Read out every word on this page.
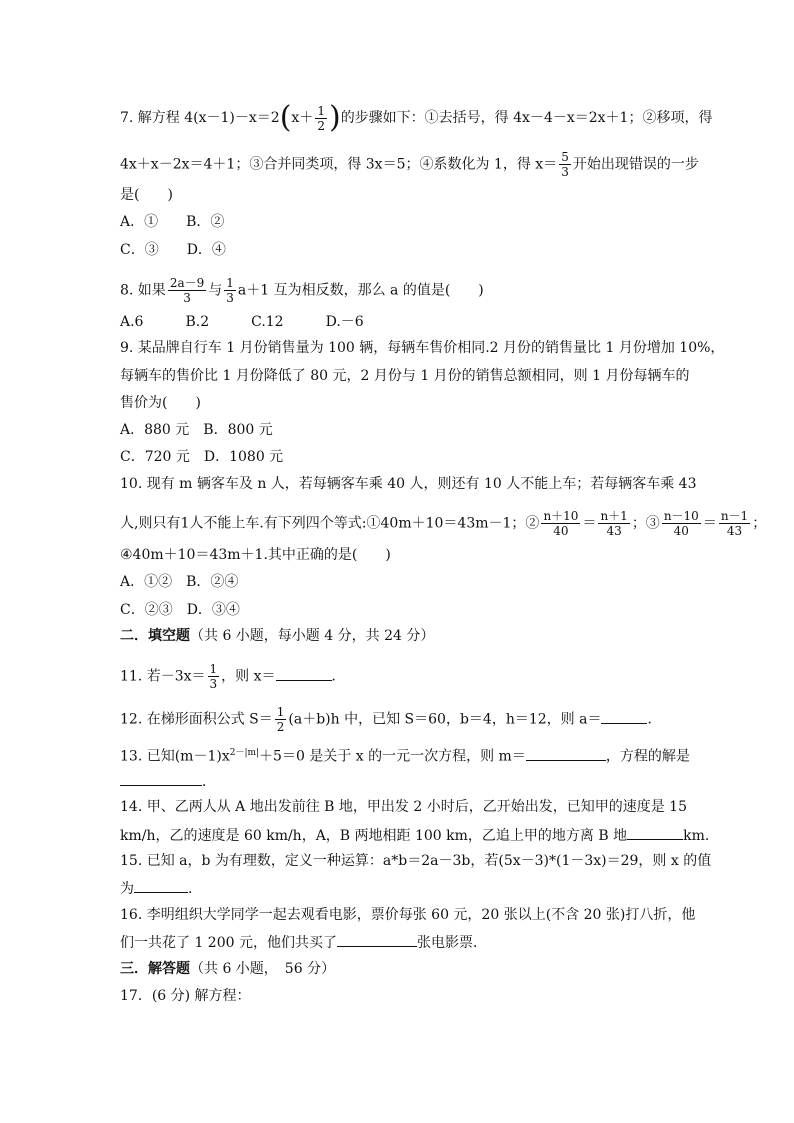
7. 解方程 $4(x-1)-x=2(x+ \frac{1}{2}$ )的步骤如下：①去括号，得 4x－4－x＝2x＋1；②移项，得
4x＋x－2x＝4＋1；③合并同类项，得 3x＝5；④系数化为 1，得 $x= \frac{5}{3}$ 开始出现错误的一步
是(　　)
A．①　　B．②
C．③　　D．④
8. 如果 $\frac{2a-9}{3}$ 与 $\frac{1}{3} a+1$ 互为相反数，那么 a 的值是(　　)
A.6　　　B.2　　　C.12　　　D.－6
9. 某品牌自行车 1 月份销售量为 100 辆，每辆车售价相同.2 月份的销售量比 1 月份增加 10%，
每辆车的售价比 1 月份降低了 80 元，2 月份与 1 月份的销售总额相同，则 1 月份每辆车的
售价为(　　)
A．880 元　B．800 元
C．720 元　D．1080 元
10. 现有 m 辆客车及 n 人，若每辆客车乘 40 人，则还有 10 人不能上车；若每辆客车乘 43
人,则只有1人不能上车.有下列四个等式:①40m＋10＝43m－1；② $\frac{n+10}{40} = \frac{n+1}{43}$ ；③ $\frac{n-10}{40} = \frac{n-1}{43}$ ；
④40m＋10＝43m＋1.其中正确的是(　　)
A．①②　B．②④
C．②③　D．③④
二．填空题（共 6 小题，每小题 4 分，共 24 分）
11. 若$-3x= \frac{1}{3}$ ，则 x＝	．
12. 在梯形面积公式 $S= \frac{1}{2} (a+b)h$ 中，已知 S＝60，b＝4，h＝12，则 a＝	．
13. 已知$(m-1)x^{2-|m|}+5=0$ 是关于 x 的一元一次方程，则 m＝	，方程的解是
．
14. 甲、乙两人从 A 地出发前往 B 地，甲出发 2 小时后，乙开始出发，已知甲的速度是 15
km/h，乙的速度是 60 km/h，A，B 两地相距 100 km，乙追上甲的地方离 B 地	km.
15. 已知 a，b 为有理数，定义一种运算：a*b＝2a－3b，若(5x－3)*(1－3x)＝29，则 x 的值
为	.
16. 李明组织大学同学一起去观看电影，票价每张 60 元，20 张以上(不含 20 张)打八折，他
们一共花了 1 200 元，他们共买了	张电影票．
三．解答题（共 6 小题，　56 分）
17．(6 分) 解方程：
